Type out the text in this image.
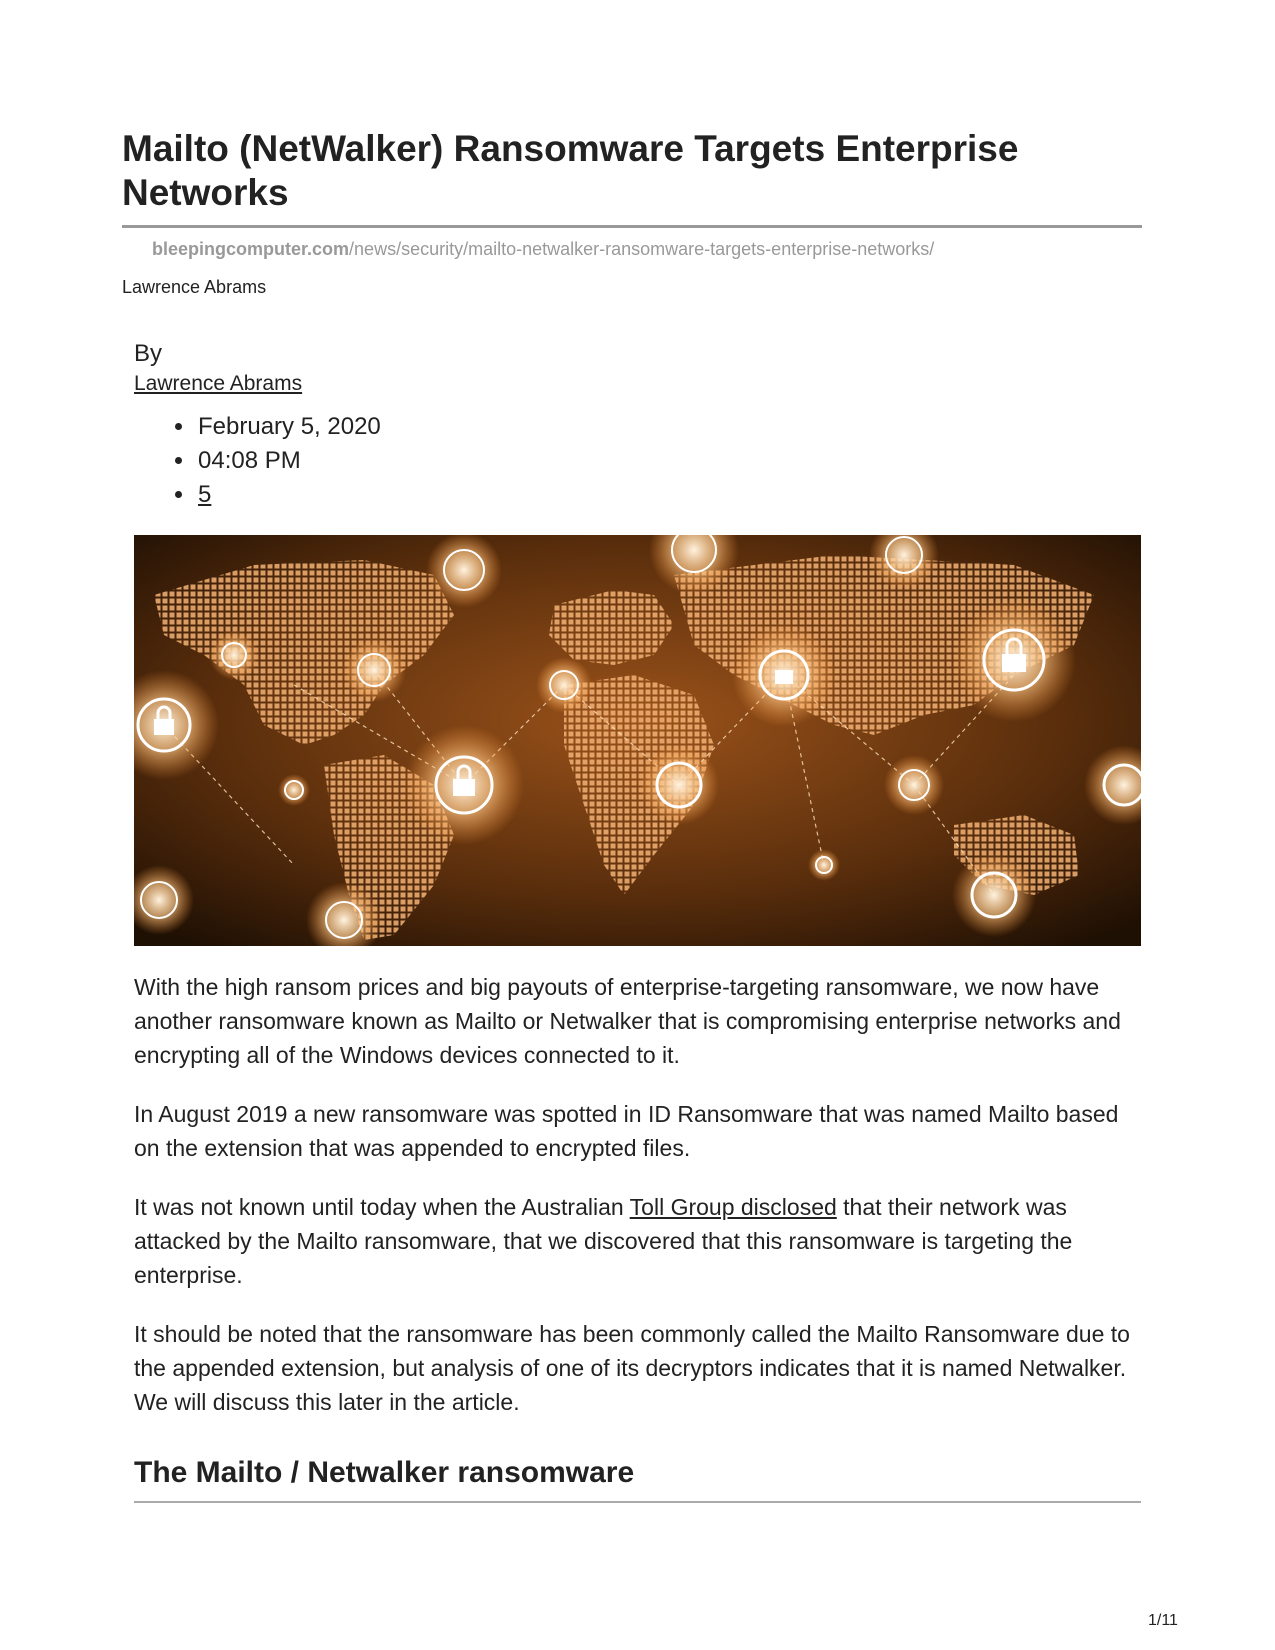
Mailto (NetWalker) Ransomware Targets Enterprise Networks
bleepingcomputer.com/news/security/mailto-netwalker-ransomware-targets-enterprise-networks/
Lawrence Abrams
By
Lawrence Abrams
• February 5, 2020
• 04:08 PM
• 5

With the high ransom prices and big payouts of enterprise-targeting ransomware, we now have another ransomware known as Mailto or Netwalker that is compromising enterprise networks and encrypting all of the Windows devices connected to it.

In August 2019 a new ransomware was spotted in ID Ransomware that was named Mailto based on the extension that was appended to encrypted files.

It was not known until today when the Australian Toll Group disclosed that their network was attacked by the Mailto ransomware, that we discovered that this ransomware is targeting the enterprise.

It should be noted that the ransomware has been commonly called the Mailto Ransomware due to the appended extension, but analysis of one of its decryptors indicates that it is named Netwalker. We will discuss this later in the article.

The Mailto / Netwalker ransomware
1/11
